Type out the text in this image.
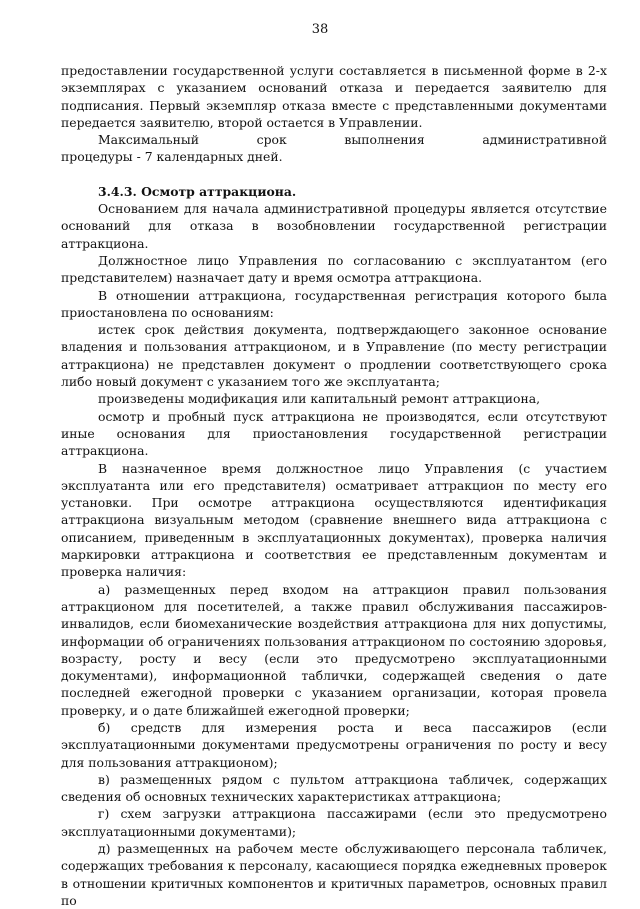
38

предоставлении государственной услуги составляется в письменной форме в 2-х экземплярах с указанием оснований отказа и передается заявителю для подписания. Первый экземпляр отказа вместе с представленными документами передается заявителю, второй остается в Управлении.

Максимальный срок выполнения административной

процедуры - 7 календарных дней.

3.4.3. Осмотр аттракциона.

Основанием для начала административной процедуры является отсутствие оснований для отказа в возобновлении государственной регистрации аттракциона.

Должностное лицо Управления по согласованию с эксплуатантом (его представителем) назначает дату и время осмотра аттракциона.

В отношении аттракциона, государственная регистрация которого была приостановлена по основаниям:

истек срок действия документа, подтверждающего законное основание владения и пользования аттракционом, и в Управление (по месту регистрации аттракциона) не представлен документ о продлении соответствующего срока либо новый документ с указанием того же эксплуатанта;

произведены модификация или капитальный ремонт аттракциона,

осмотр и пробный пуск аттракциона не производятся, если отсутствуют иные основания для приостановления государственной регистрации аттракциона.

В назначенное время должностное лицо Управления (с участием эксплуатанта или его представителя) осматривает аттракцион по месту его установки. При осмотре аттракциона осуществляются идентификация аттракциона визуальным методом (сравнение внешнего вида аттракциона с описанием, приведенным в эксплуатационных документах), проверка наличия маркировки аттракциона и соответствия ее представленным документам и проверка наличия:

а) размещенных перед входом на аттракцион правил пользования аттракционом для посетителей, а также правил обслуживания пассажиров-инвалидов, если биомеханические воздействия аттракциона для них допустимы, информации об ограничениях пользования аттракционом по состоянию здоровья, возрасту, росту и весу (если это предусмотрено эксплуатационными документами), информационной таблички, содержащей сведения о дате последней ежегодной проверки с указанием организации, которая провела проверку, и о дате ближайшей ежегодной проверки;

б) средств для измерения роста и веса пассажиров (если эксплуатационными документами предусмотрены ограничения по росту и весу для пользования аттракционом);

в) размещенных рядом с пультом аттракциона табличек, содержащих сведения об основных технических характеристиках аттракциона;

г) схем загрузки аттракциона пассажирами (если это предусмотрено эксплуатационными документами);

д) размещенных на рабочем месте обслуживающего персонала табличек, содержащих требования к персоналу, касающиеся порядка ежедневных проверок в отношении критичных компонентов и критичных параметров, основных правил по
